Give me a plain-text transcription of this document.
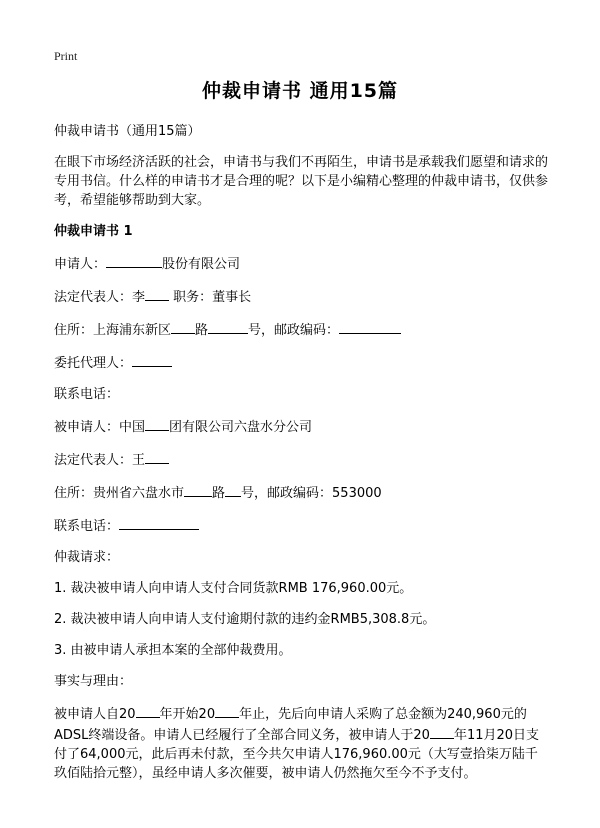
Print
仲裁申请书 通用15篇

仲裁申请书（通用15篇）

在眼下市场经济活跃的社会，申请书与我们不再陌生，申请书是承载我们愿望和请求的专用书信。什么样的申请书才是合理的呢？以下是小编精心整理的仲裁申请书，仅供参考，希望能够帮助到大家。

仲裁申请书 1

申请人：	股份有限公司

法定代表人：李 职务：董事长

住所：上海浦东新区 路	号，邮政编码：

委托代理人：

联系电话：

被申请人：中国 团有限公司六盘水分公司

法定代表人：王

住所：贵州省六盘水市 路 号，邮政编码：553000

联系电话：

仲裁请求：

1. 裁决被申请人向申请人支付合同货款RMB 176,960.00元。

2. 裁决被申请人向申请人支付逾期付款的违约金RMB5,308.8元。

3. 由被申请人承担本案的全部仲裁费用。

事实与理由：

被申请人自20 年开始20 年止，先后向申请人采购了总金额为240,960元的ADSL终端设备。申请人已经履行了全部合同义务，被申请人于20 年11月20日支付了64,000元，此后再未付款，至今共欠申请人176,960.00元（大写壹拾柒万陆千玖佰陆拾元整），虽经申请人多次催要，被申请人仍然拖欠至今不予支付。
